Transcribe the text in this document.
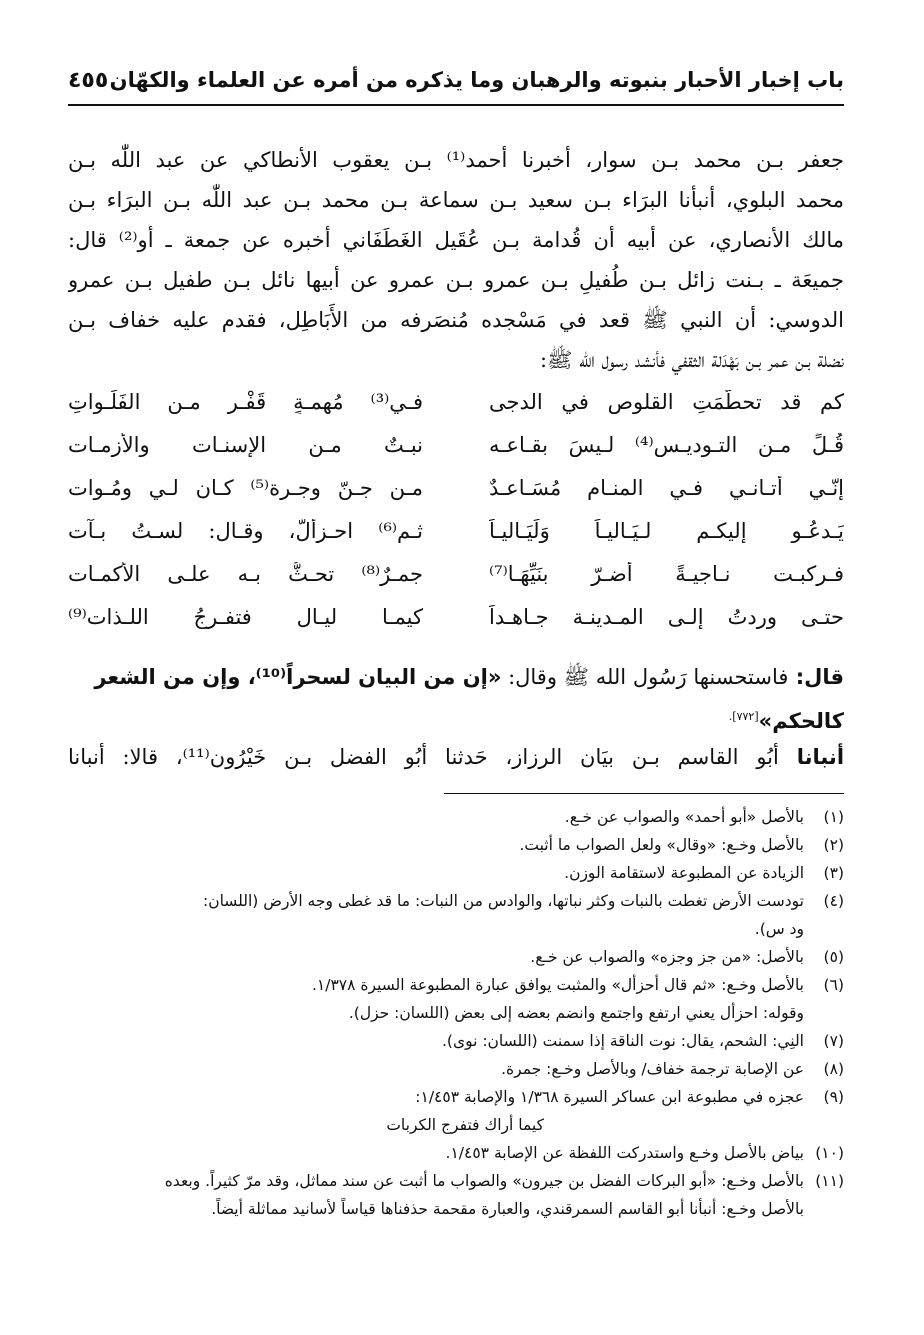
باب إخبار الأحبار بنبوته والرهبان وما يذكره من أمره عن العلماء والكهّان
٤٥٥
جعفر بـن محمد بـن سوار، أخبرنا أحمد⁽¹⁾ بـن يعقوب الأنطاكي عن عبد اللّٰه بـن
محمد البلوي، أنبأنا البرَاء بـن سعيد بـن سماعة بـن محمد بـن عبد اللّٰه بـن البرَاء بـن
مالك الأنصاري، عن أبيه أن قُدامة بـن عُقَيل الغَطَفَاني أخبره عن جمعة ـ أو⁽²⁾ قال:
جميعَة ـ بـنت زائل بـن طُفيلِ بـن عمرو بـن عمرو عن أبيها نائل بـن طفيل بـن عمرو
الدوسي: أن النبي ﷺ قعد في مَسْجده مُنصَرفه من الأَبَاطِل، فقدم عليه خفاف بـن
نضلة بـن عمر بـن بَهْدَلة الثقفي فأنشد رسول الله ﷺ:
كم قد تحطَّمَتِ القلوص في الدجى
فـي⁽³⁾ مُهمـةٍ قَفْـرٍ مـن الفَلَـواتِ
قُـلٍّ مـن التـوديـس⁽⁴⁾ لـيسَ بقـاعـه
نبـتٌ مـن الإسنـات والأزمـات
إنّـي أتـانـي فـي المنـام مُسَـاعـدٌ
مـن جـنّ وجـرة⁽⁵⁾ كـان لـي ومُـوات
يَـدعُـو إليكـم لـيَـاليـاً وَلَيَـاليـاً
ثـم⁽⁶⁾ احـزألّ، وقـال: لسـتُ بـآت
فـركبـت نـاجيـةً أضـرّ بنَيِّهَـا⁽⁷⁾
جمـرٌ⁽⁸⁾ تحـثُّ بـه علـى الأكمـات
حتـى وردتُ إلـى المـدينـة جـاهـداً
كيمـا ليـال فتفـرجُ اللـذات⁽⁹⁾
قال: فاستحسنها رَسُول الله ﷺ وقال: «إن من البيان لسحراً⁽¹⁰⁾، وإن من الشعر
كالحكم»$^{[٧٧٢].}$
أنبانا أبُو القاسم بـن بيَان الرزاز، حَدثنا أبُو الفضل بـن خَيْرُون⁽¹¹⁾، قالا: أنبانا
(١)
بالأصل «أبو أحمد» والصواب عن خـع.
(٢)
بالأصل وخـع: «وقال» ولعل الصواب ما أثبت.
(٣)
الزيادة عن المطبوعة لاستقامة الوزن.
(٤)
تودست الأرض تغطت بالنبات وكثر نباتها، والوادس من النبات: ما قد غطى وجه الأرض (اللسان:
ود س).
(٥)
بالأصل: «من جز وجزه» والصواب عن خـع.
(٦)
بالأصل وخـع: «ثم قال أحزأل» والمثبت يوافق عبارة المطبوعة السيرة ١/٣٧٨.
وقوله: احزأل يعني ارتفع واجتمع وانضم بعضه إلى بعض (اللسان: حزل).
(٧)
النِي: الشحم، يقال: نوت الناقة إذا سمنت (اللسان: نوى).
(٨)
عن الإصابة ترجمة خفاف/ وبالأصل وخـع: جمرة.
(٩)
عجزه في مطبوعة ابن عساكر السيرة ١/٣٦٨ والإصابة ١/٤٥٣:
كيما أراك فتفرج الكربات
(١٠)
بياض بالأصل وخـع واستدركت اللفظة عن الإصابة ١/٤٥٣.
(١١)
بالأصل وخـع: «أبو البركات الفضل بن جيرون» والصواب ما أثبت عن سند مماثل، وقد مرّ كثيراً. وبعده
بالأصل وخـع: أنبأنا أبو القاسم السمرقندي، والعبارة مقحمة حذفناها قياساً لأسانيد مماثلة أيضاً.
